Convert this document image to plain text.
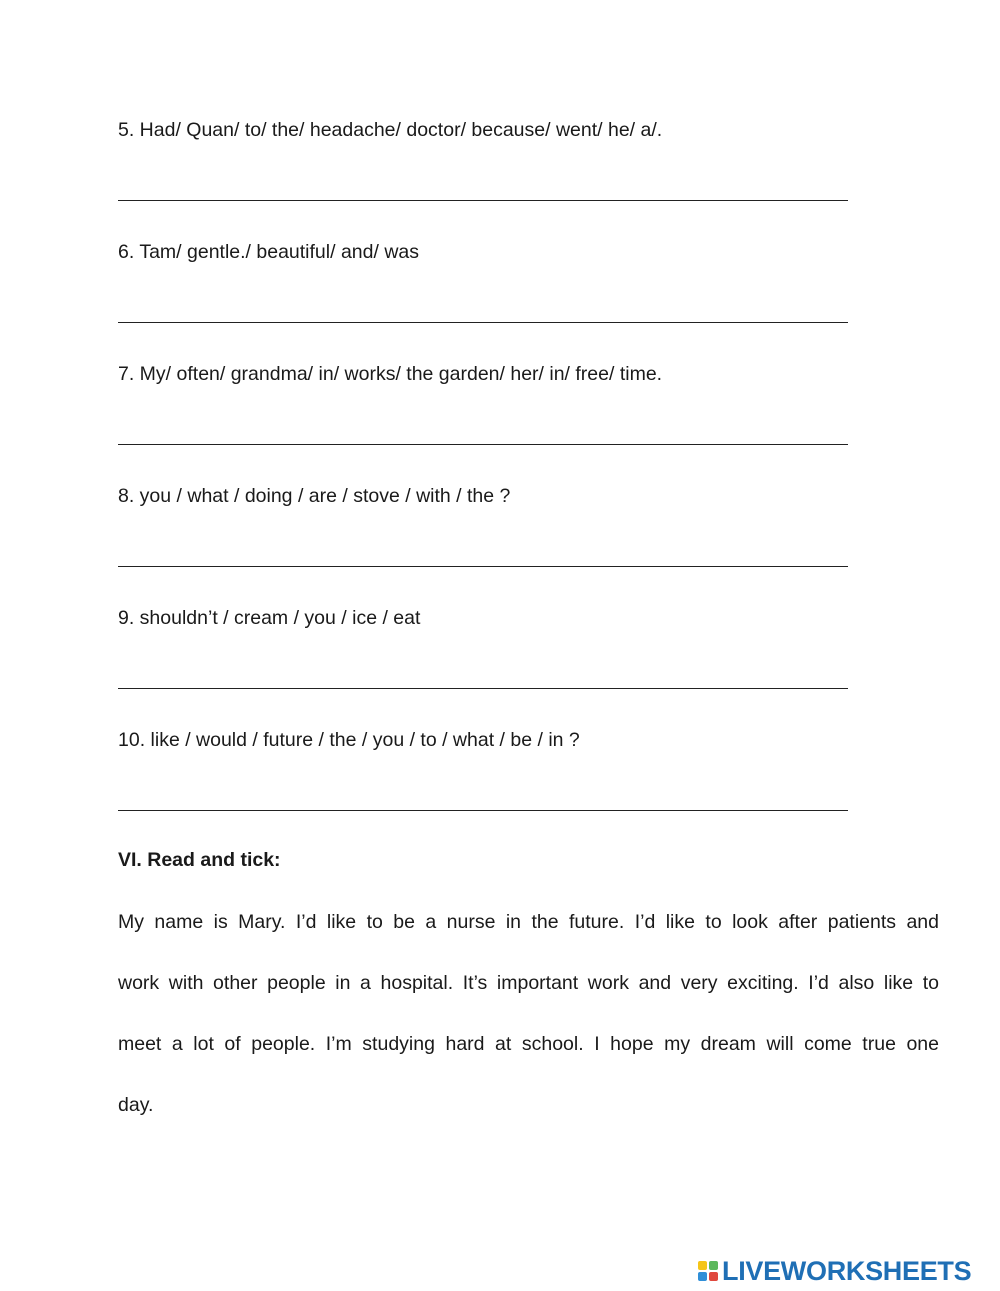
5. Had/ Quan/ to/ the/ headache/ doctor/ because/ went/ he/ a/.
6. Tam/ gentle./ beautiful/ and/ was
7. My/ often/ grandma/ in/ works/ the garden/ her/ in/ free/ time.
8. you / what / doing / are / stove / with / the ?
9. shouldn’t / cream / you / ice / eat
10. like / would / future / the / you / to / what / be / in ?
VI. Read and tick:
My name is Mary. I’d like to be a nurse in the future. I’d like to look after patients and
work with other people in a hospital. It’s important work and very exciting. I’d also like to
meet a lot of people. I’m studying hard at school. I hope my dream will come true one
day.
LIVEWORKSHEETS
